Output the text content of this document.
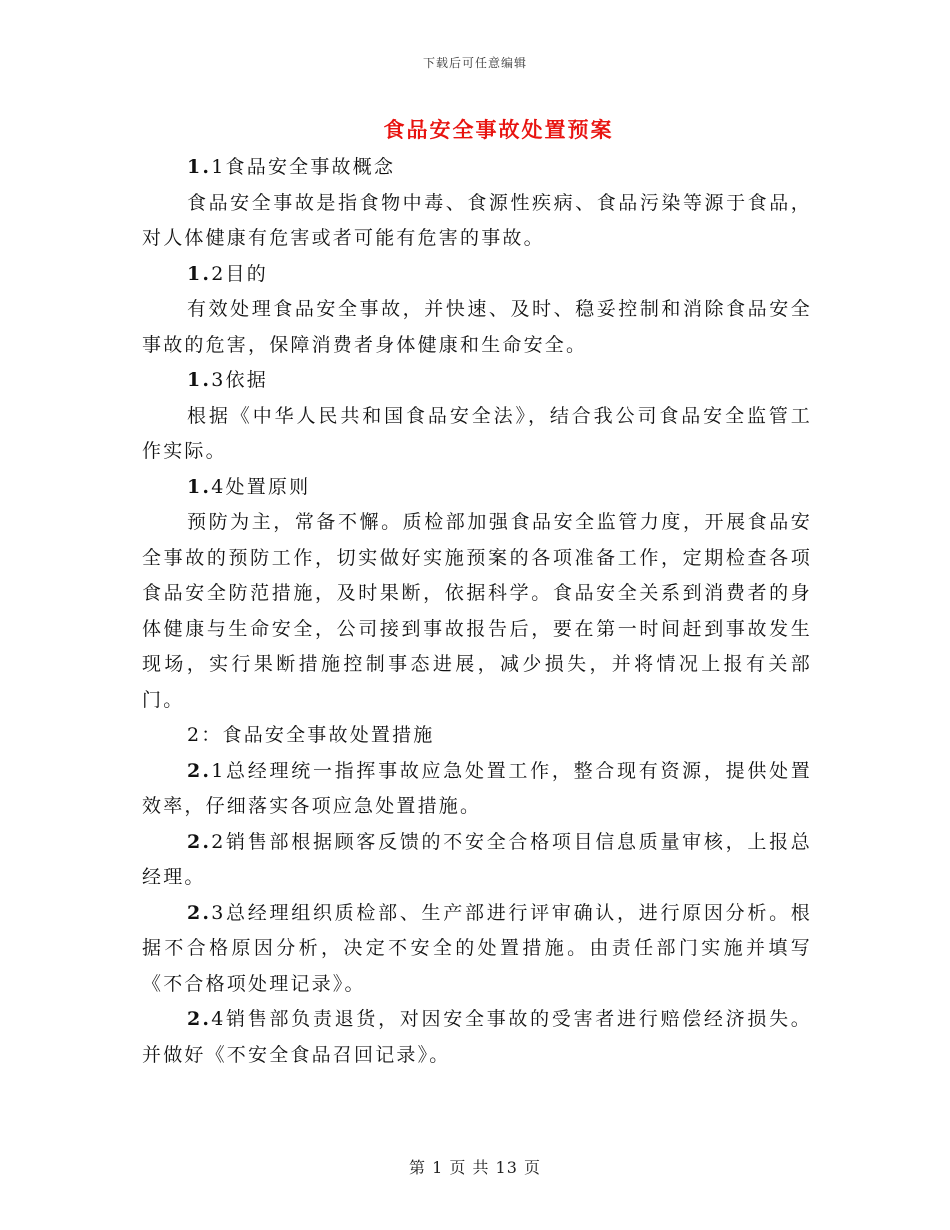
下载后可任意编辑
食品安全事故处置预案

1.1食品安全事故概念

食品安全事故是指食物中毒、食源性疾病、食品污染等源于食品，对人体健康有危害或者可能有危害的事故。

1.2目的

有效处理食品安全事故，并快速、及时、稳妥控制和消除食品安全事故的危害，保障消费者身体健康和生命安全。

1.3依据

根据《中华人民共和国食品安全法》，结合我公司食品安全监管工作实际。

1.4处置原则

预防为主，常备不懈。质检部加强食品安全监管力度，开展食品安全事故的预防工作，切实做好实施预案的各项准备工作，定期检查各项食品安全防范措施，及时果断，依据科学。食品安全关系到消费者的身体健康与生命安全，公司接到事故报告后，要在第一时间赶到事故发生现场，实行果断措施控制事态进展，减少损失，并将情况上报有关部门。

2：食品安全事故处置措施

2.1总经理统一指挥事故应急处置工作，整合现有资源，提供处置效率，仔细落实各项应急处置措施。

2.2销售部根据顾客反馈的不安全合格项目信息质量审核，上报总经理。

2.3总经理组织质检部、生产部进行评审确认，进行原因分析。根据不合格原因分析，决定不安全的处置措施。由责任部门实施并填写《不合格项处理记录》。

2.4销售部负责退货，对因安全事故的受害者进行赔偿经济损失。并做好《不安全食品召回记录》。

第 1 页 共 13 页
